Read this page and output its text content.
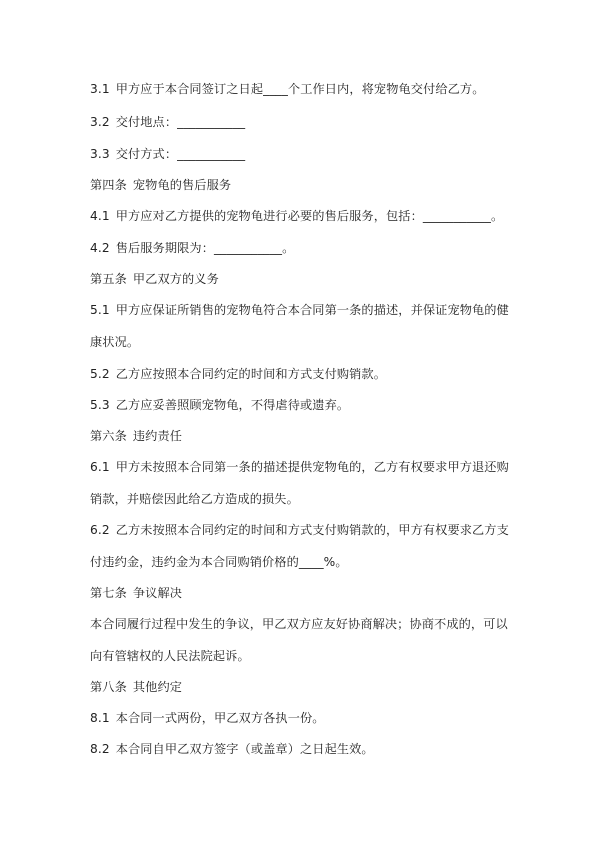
3.1 甲方应于本合同签订之日起____个工作日内，将宠物龟交付给乙方。
3.2 交付地点：___________
3.3 交付方式：___________
第四条 宠物龟的售后服务
4.1 甲方应对乙方提供的宠物龟进行必要的售后服务，包括：___________。
4.2 售后服务期限为：___________。
第五条 甲乙双方的义务
5.1 甲方应保证所销售的宠物龟符合本合同第一条的描述，并保证宠物龟的健
康状况。
5.2 乙方应按照本合同约定的时间和方式支付购销款。
5.3 乙方应妥善照顾宠物龟，不得虐待或遗弃。
第六条 违约责任
6.1 甲方未按照本合同第一条的描述提供宠物龟的，乙方有权要求甲方退还购
销款，并赔偿因此给乙方造成的损失。
6.2 乙方未按照本合同约定的时间和方式支付购销款的，甲方有权要求乙方支
付违约金，违约金为本合同购销价格的____%。
第七条 争议解决
本合同履行过程中发生的争议，甲乙双方应友好协商解决；协商不成的，可以
向有管辖权的人民法院起诉。
第八条 其他约定
8.1 本合同一式两份，甲乙双方各执一份。
8.2 本合同自甲乙双方签字（或盖章）之日起生效。
